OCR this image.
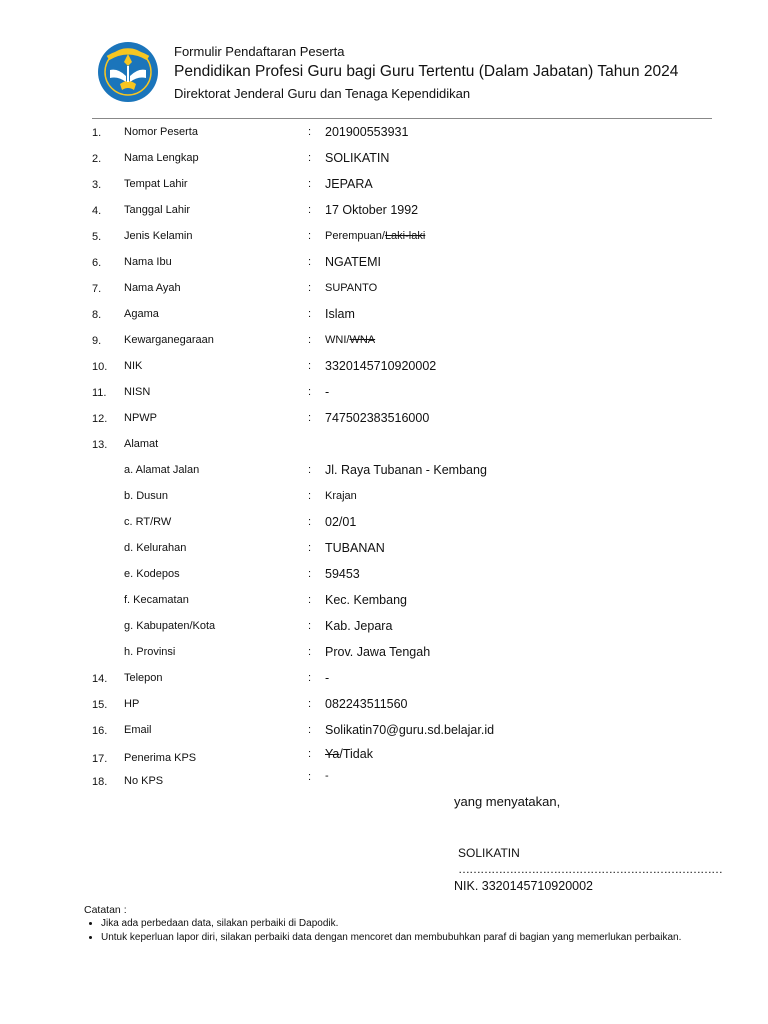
Formulir Pendaftaran Peserta
Pendidikan Profesi Guru bagi Guru Tertentu (Dalam Jabatan) Tahun 2024
Direktorat Jenderal Guru dan Tenaga Kependidikan
1. Nomor Peserta	: 201900553931
2. Nama Lengkap	: SOLIKATIN
3. Tempat Lahir	: JEPARA
4. Tanggal Lahir	: 17 Oktober 1992
5. Jenis Kelamin	: Perempuan/Laki-laki
6. Nama Ibu	: NGATEMI
7. Nama Ayah	: SUPANTO
8. Agama	: Islam
9. Kewarganegaraan	: WNI/WNA
10. NIK	: 3320145710920002
11. NISN	: -
12. NPWP	: 747502383516000
13. Alamat
a. Alamat Jalan	: Jl. Raya Tubanan - Kembang
b. Dusun	: Krajan
c. RT/RW	: 02/01
d. Kelurahan	: TUBANAN
e. Kodepos	: 59453
f. Kecamatan	: Kec. Kembang
g. Kabupaten/Kota	: Kab. Jepara
h. Provinsi	: Prov. Jawa Tengah
14. Telepon	: -
15. HP	: 082243511560
16. Email	: Solikatin70@guru.sd.belajar.id
17. Penerima KPS	: Ya/Tidak
18. No KPS	: -
yang menyatakan,
SOLIKATIN
………………………………………………………………
NIK. 3320145710920002
Catatan :
• Jika ada perbedaan data, silakan perbaiki di Dapodik.
• Untuk keperluan lapor diri, silakan perbaiki data dengan mencoret dan membubuhkan paraf di bagian yang memerlukan perbaikan.
